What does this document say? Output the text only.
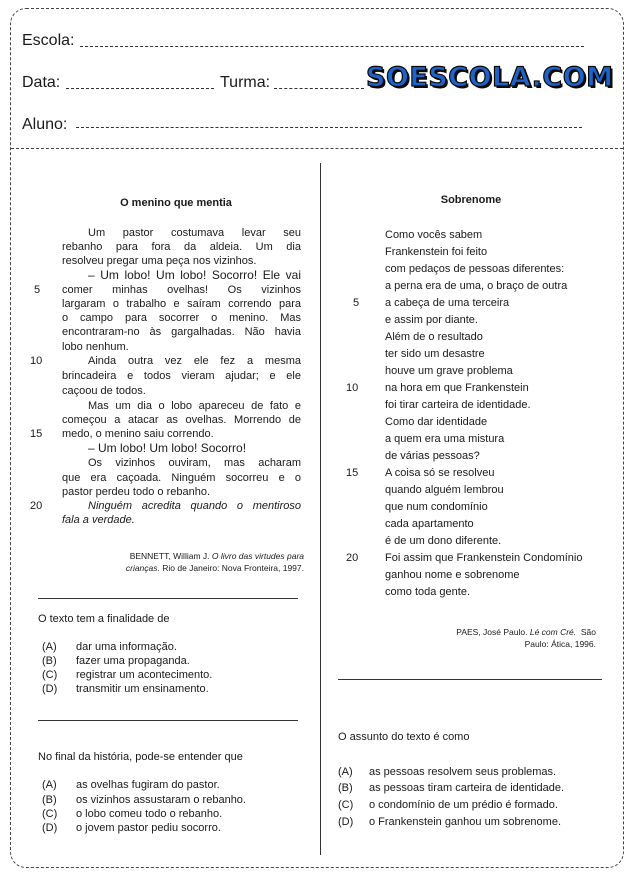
Escola:
Data:	Turma:	SOESCOLA.COM
Aluno:
O menino que mentia
Um pastor costumava levar seu
rebanho para fora da aldeia. Um dia
resolveu pregar uma peça nos vizinhos.
– Um lobo! Um lobo! Socorro! Ele vai
comer minhas ovelhas! Os vizinhos
largaram o trabalho e saíram correndo para
o campo para socorrer o menino. Mas
encontraram-no às gargalhadas. Não havia
lobo nenhum.
Ainda outra vez ele fez a mesma
brincadeira e todos vieram ajudar; e ele
caçoou de todos.
Mas um dia o lobo apareceu de fato e
começou a atacar as ovelhas. Morrendo de
medo, o menino saiu correndo.
– Um lobo! Um lobo! Socorro!
Os vizinhos ouviram, mas acharam
que era caçoada. Ninguém socorreu e o
pastor perdeu todo o rebanho.
Ninguém acredita quando o mentiroso
fala a verdade.
5
10
15
20
BENNETT, William J. O livro das virtudes para crianças. Rio de Janeiro: Nova Fronteira, 1997.
O texto tem a finalidade de
(A) dar uma informação.
(B) fazer uma propaganda.
(C) registrar um acontecimento.
(D) transmitir um ensinamento.
No final da história, pode-se entender que
(A) as ovelhas fugiram do pastor.
(B) os vizinhos assustaram o rebanho.
(C) o lobo comeu todo o rebanho.
(D) o jovem pastor pediu socorro.
Sobrenome
Como vocês sabem
Frankenstein foi feito
com pedaços de pessoas diferentes:
a perna era de uma, o braço de outra
a cabeça de uma terceira
e assim por diante.
Além de o resultado
ter sido um desastre
houve um grave problema
na hora em que Frankenstein
foi tirar carteira de identidade.
Como dar identidade
a quem era uma mistura
de várias pessoas?
A coisa só se resolveu
quando alguém lembrou
que num condomínio
cada apartamento
é de um dono diferente.
Foi assim que Frankenstein Condomínio
ganhou nome e sobrenome
como toda gente.
5
10
15
20
PAES, José Paulo. Lé com Cré. São
Paulo: Ática, 1996.
O assunto do texto é como
(A) as pessoas resolvem seus problemas.
(B) as pessoas tiram carteira de identidade.
(C) o condomínio de um prédio é formado.
(D) o Frankenstein ganhou um sobrenome.
